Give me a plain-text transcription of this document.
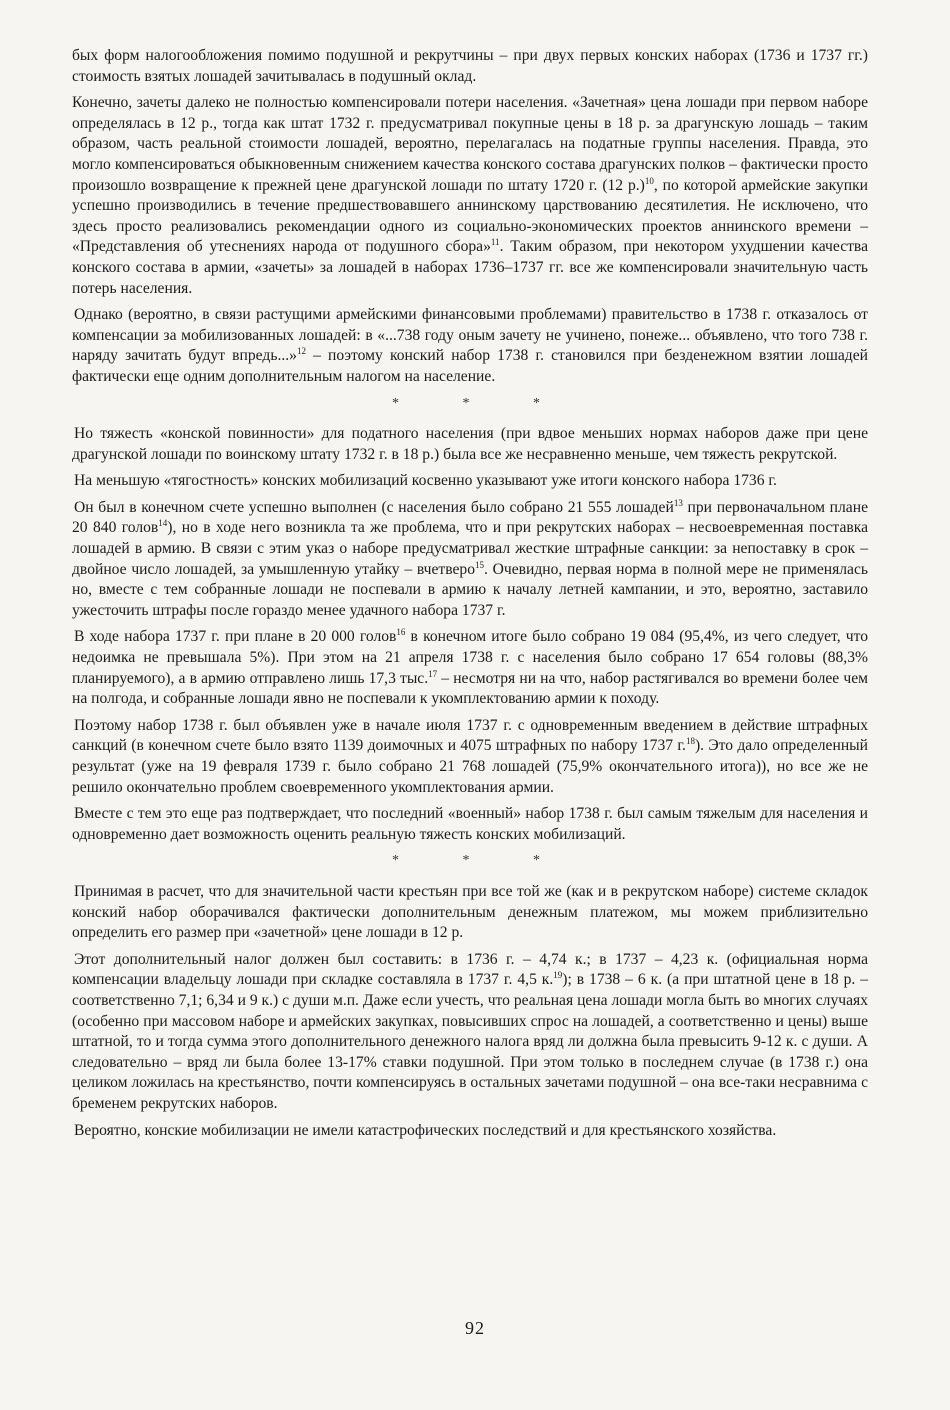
бых форм налогообложения помимо подушной и рекрутчины – при двух первых конских наборах (1736 и 1737 гг.) стоимость взятых лошадей зачитывалась в подушный оклад.

Конечно, зачеты далеко не полностью компенсировали потери населения. «Зачетная» цена лошади при первом наборе определялась в 12 р., тогда как штат 1732 г. предусматривал покупные цены в 18 р. за драгунскую лошадь – таким образом, часть реальной стоимости лошадей, вероятно, перелагалась на податные группы населения. Правда, это могло компенсироваться обыкновенным снижением качества конского состава драгунских полков – фактически просто произошло возвращение к прежней цене драгунской лошади по штату 1720 г. (12 р.)$^{10}$, по которой армейские закупки успешно производились в течение предшествовавшего аннинскому царствованию десятилетия. Не исключено, что здесь просто реализовались рекомендации одного из социально-экономических проектов аннинского времени – «Представления об утеснениях народа от подушного сбора»$^{11}$. Таким образом, при некотором ухудшении качества конского состава в армии, «зачеты» за лошадей в наборах 1736–1737 гг. все же компенсировали значительную часть потерь населения.

Однако (вероятно, в связи растущими армейскими финансовыми проблемами) правительство в 1738 г. отказалось от компенсации за мобилизованных лошадей: в «...738 году оным зачету не учинено, понеже... объявлено, что того 738 г. наряду зачитать будут впредь...»$^{12}$ – поэтому конский набор 1738 г. становился при безденежном взятии лошадей фактически еще одним дополнительным налогом на население.

* * *

Но тяжесть «конской повинности» для податного населения (при вдвое меньших нормах наборов даже при цене драгунской лошади по воинскому штату 1732 г. в 18 р.) была все же несравненно меньше, чем тяжесть рекрутской.

На меньшую «тягостность» конских мобилизаций косвенно указывают уже итоги конского набора 1736 г.

Он был в конечном счете успешно выполнен (с населения было собрано 21 555 лошадей$^{13}$ при первоначальном плане 20 840 голов$^{14}$), но в ходе него возникла та же проблема, что и при рекрутских наборах – несвоевременная поставка лошадей в армию. В связи с этим указ о наборе предусматривал жесткие штрафные санкции: за непоставку в срок – двойное число лошадей, за умышленную утайку – вчетверо$^{15}$. Очевидно, первая норма в полной мере не применялась но, вместе с тем собранные лошади не поспевали в армию к началу летней кампании, и это, вероятно, заставило ужесточить штрафы после гораздо менее удачного набора 1737 г.

В ходе набора 1737 г. при плане в 20 000 голов$^{16}$ в конечном итоге было собрано 19 084 (95,4%, из чего следует, что недоимка не превышала 5%). При этом на 21 апреля 1738 г. с населения было собрано 17 654 головы (88,3% планируемого), а в армию отправлено лишь 17,3 тыс.$^{17}$ – несмотря ни на что, набор растягивался во времени более чем на полгода, и собранные лошади явно не поспевали к укомплектованию армии к походу.

Поэтому набор 1738 г. был объявлен уже в начале июля 1737 г. с одновременным введением в действие штрафных санкций (в конечном счете было взято 1139 доимочных и 4075 штрафных по набору 1737 г.$^{18}$). Это дало определенный результат (уже на 19 февраля 1739 г. было собрано 21 768 лошадей (75,9% окончательного итога)), но все же не решило окончательно проблем своевременного укомплектования армии.

Вместе с тем это еще раз подтверждает, что последний «военный» набор 1738 г. был самым тяжелым для населения и одновременно дает возможность оценить реальную тяжесть конских мобилизаций.

* * *

Принимая в расчет, что для значительной части крестьян при все той же (как и в рекрутском наборе) системе складок конский набор оборачивался фактически дополнительным денежным платежом, мы можем приблизительно определить его размер при «зачетной» цене лошади в 12 р.

Этот дополнительный налог должен был составить: в 1736 г. – 4,74 к.; в 1737 – 4,23 к. (официальная норма компенсации владельцу лошади при складке составляла в 1737 г. 4,5 к.$^{19}$); в 1738 – 6 к. (а при штатной цене в 18 р. – соответственно 7,1; 6,34 и 9 к.) с души м.п. Даже если учесть, что реальная цена лошади могла быть во многих случаях (особенно при массовом наборе и армейских закупках, повысивших спрос на лошадей, а соответственно и цены) выше штатной, то и тогда сумма этого дополнительного денежного налога вряд ли должна была превысить 9-12 к. с души. А следовательно – вряд ли была более 13-17% ставки подушной. При этом только в последнем случае (в 1738 г.) она целиком ложилась на крестьянство, почти компенсируясь в остальных зачетами подушной – она все-таки несравнима с бременем рекрутских наборов.

Вероятно, конские мобилизации не имели катастрофических последствий и для крестьянского хозяйства.

92
